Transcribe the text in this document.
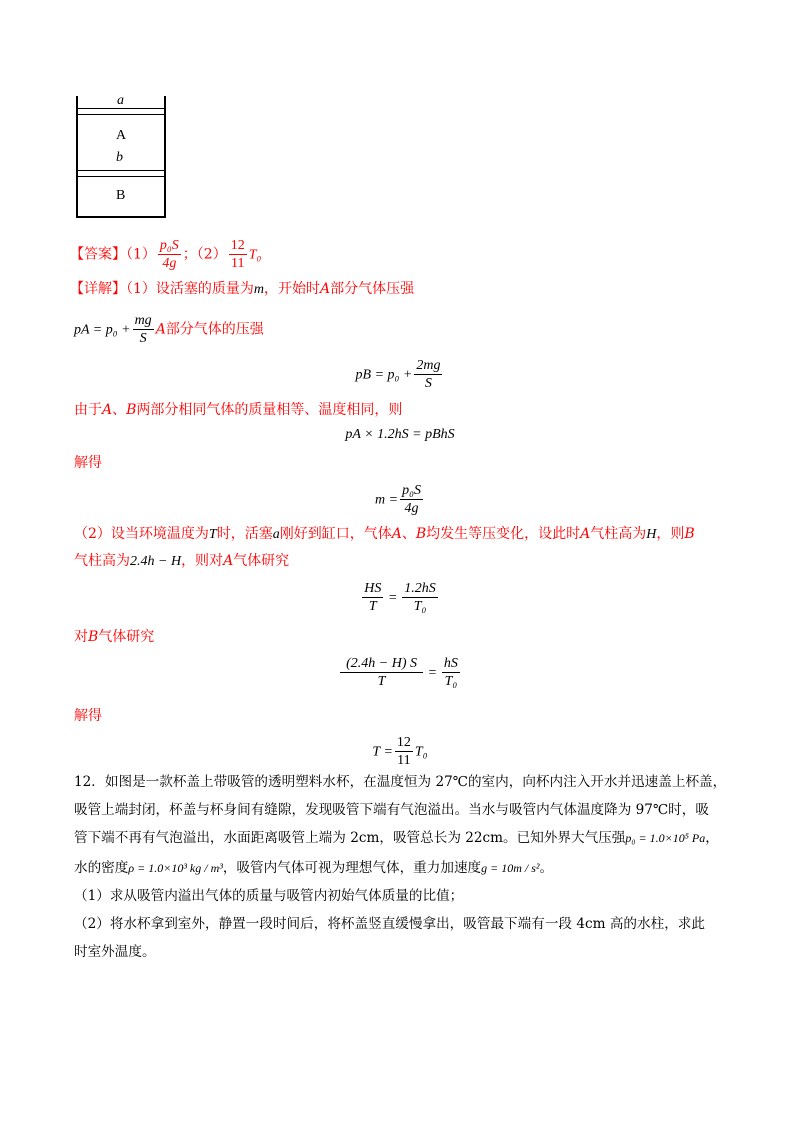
a
A
b
B
【答案】$(1) \frac{\text{p₀S}}{4g}$ ；$(2) \frac{12}{11} T_0$
【详解】（1）设活塞的质量为m，开始时A部分气体压强
pA = $p_0 + \frac{mg}{S}$ A部分气体的压强
pB = $p_0 + \frac{2mg}{S}$
由于A、B两部分相同气体的质量相等、温度相同，则
pA × 1.2hS = pBhS
解得
$m = \frac{\text{p₀S}}{4g}$
（2）设当环境温度为T时，活塞a刚好到缸口，气体A、B均发生等压变化，设此时A气柱高为H，则B
气柱高为2.4h − H，则对A气体研究
$\frac{HS}{T} = \frac{1.2hS}{\text{T₀}}$
对B气体研究
$\frac{(2.4h - H) S}{T} = \frac{hS}{\text{T₀}}$
解得
$T = \frac{12}{11} T_0$
12．如图是一款杯盖上带吸管的透明塑料水杯，在温度恒为 27℃的室内，向杯内注入开水并迅速盖上杯盖，
吸管上端封闭，杯盖与杯身间有缝隙，发现吸管下端有气泡溢出。当水与吸管内气体温度降为 97℃时，吸
管下端不再有气泡溢出，水面距离吸管上端为 2cm，吸管总长为 22cm。已知外界大气压强p₀ = 1.0×10⁵ Pa，
水的密度ρ = 1.0×10³ kg / m³，吸管内气体可视为理想气体，重力加速度g = 10m / s²。
（1）求从吸管内溢出气体的质量与吸管内初始气体质量的比值；
（2）将水杯拿到室外，静置一段时间后，将杯盖竖直缓慢拿出，吸管最下端有一段 4cm 高的水柱，求此
时室外温度。
